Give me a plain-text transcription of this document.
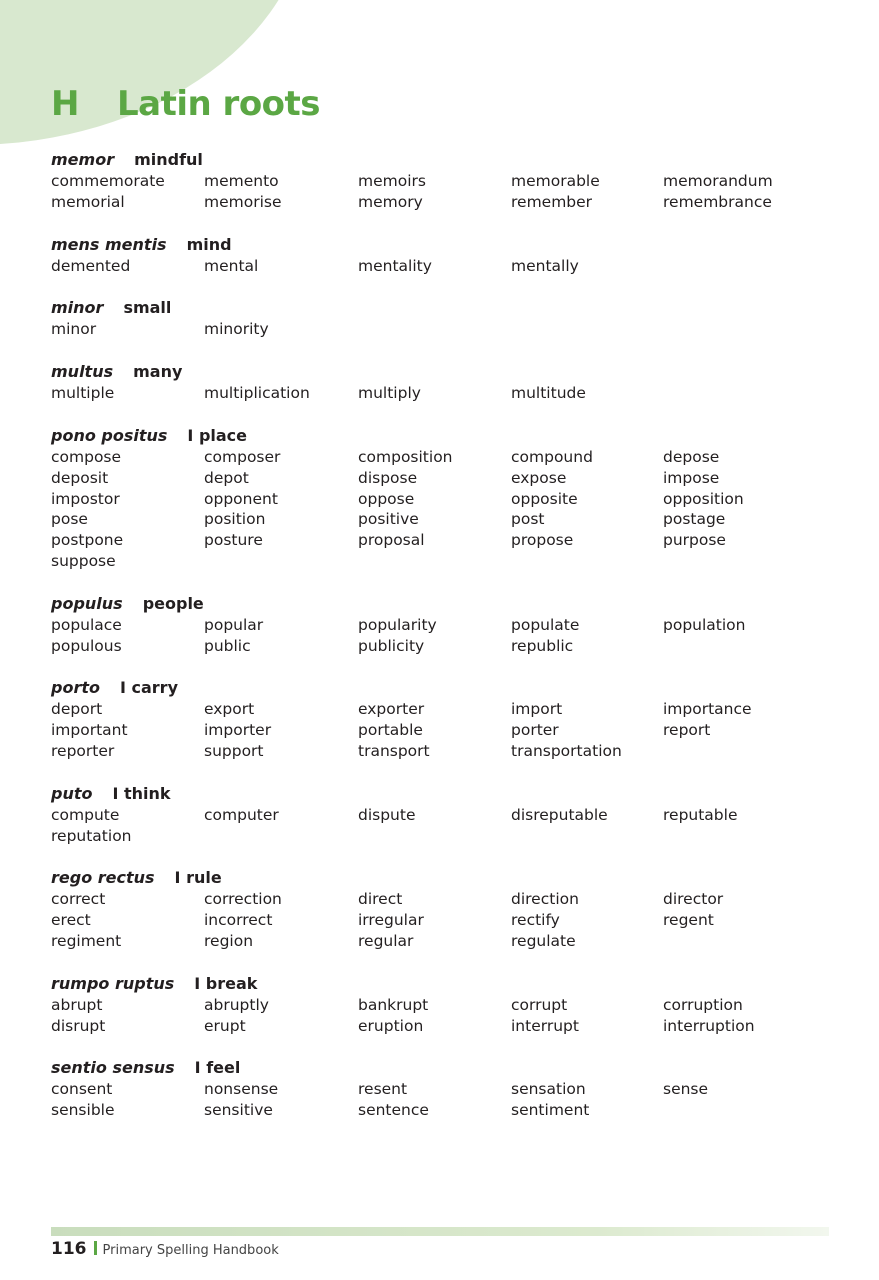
H Latin roots
memor mindful
commemorate	memento	memoirs	memorable	memorandum
memorial	memorise	memory	remember	remembrance
mens mentis mind
demented	mental	mentality	mentally
minor small
minor	minority
multus many
multiple	multiplication	multiply	multitude
pono positus I place
compose	composer	composition	compound	depose
deposit	depot	dispose	expose	impose
impostor	opponent	oppose	opposite	opposition
pose	position	positive	post	postage
postpone	posture	proposal	propose	purpose
suppose
populus people
populace	popular	popularity	populate	population
populous	public	publicity	republic
porto I carry
deport	export	exporter	import	importance
important	importer	portable	porter	report
reporter	support	transport	transportation
puto I think
compute	computer	dispute	disreputable	reputable
reputation
rego rectus I rule
correct	correction	direct	direction	director
erect	incorrect	irregular	rectify	regent
regiment	region	regular	regulate
rumpo ruptus I break
abrupt	abruptly	bankrupt	corrupt	corruption
disrupt	erupt	eruption	interrupt	interruption
sentio sensus I feel
consent	nonsense	resent	sensation	sense
sensible	sensitive	sentence	sentiment
116 Primary Spelling Handbook
